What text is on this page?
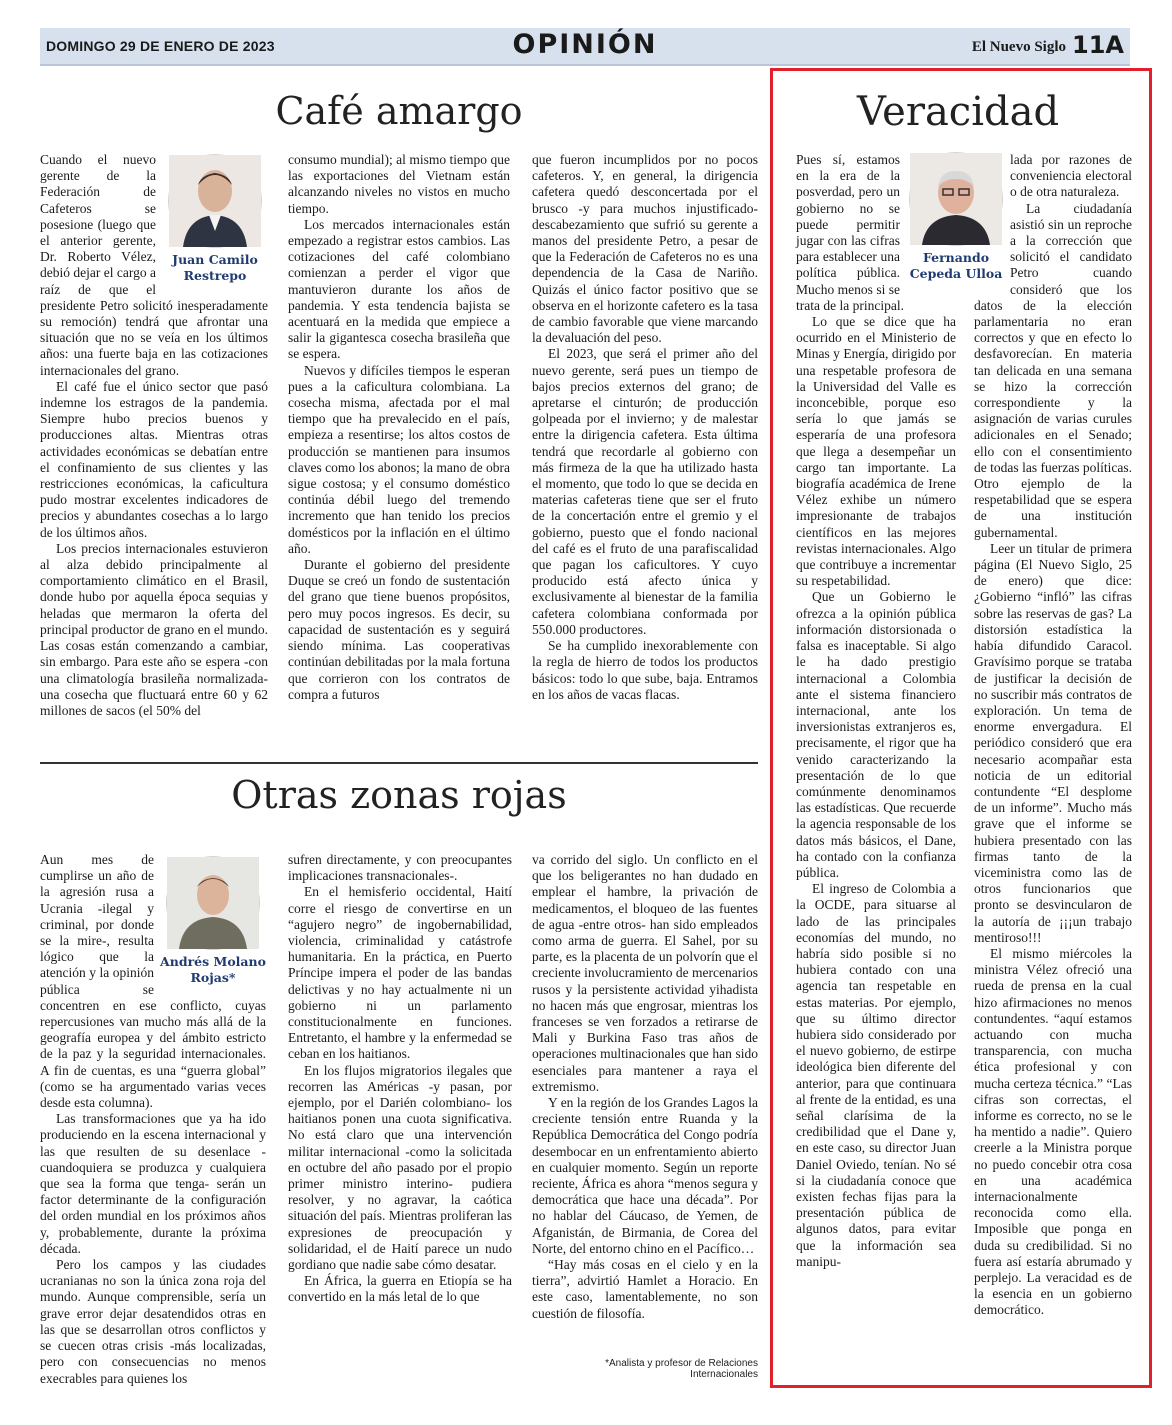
DOMINGO 29 DE ENERO DE 2023	OPINIÓN	El Nuevo Siglo 11A
Café amargo
Juan Camilo Restrepo

Cuando el nuevo gerente de la Federación de Cafeteros se posesione (luego que el anterior gerente, Dr. Roberto Vélez, debió dejar el cargo a raíz de que el presidente Petro solicitó inesperadamente su remoción) tendrá que afrontar una situación que no se veía en los últimos años: una fuerte baja en las cotizaciones internacionales del grano.

El café fue el único sector que pasó indemne los estragos de la pandemia. Siempre hubo precios buenos y producciones altas. Mientras otras actividades económicas se debatían entre el confinamiento de sus clientes y las restricciones económicas, la caficultura pudo mostrar excelentes indicadores de precios y abundantes cosechas a lo largo de los últimos años.

Los precios internacionales estuvieron al alza debido principalmente al comportamiento climático en el Brasil, donde hubo por aquella época sequias y heladas que mermaron la oferta del principal productor de grano en el mundo. Las cosas están comenzando a cambiar, sin embargo. Para este año se espera -con una climatología brasileña normalizada- una cosecha que fluctuará entre 60 y 62 millones de sacos (el 50% del

consumo mundial); al mismo tiempo que las exportaciones del Vietnam están alcanzando niveles no vistos en mucho tiempo.

Los mercados internacionales están empezado a registrar estos cambios. Las cotizaciones del café colombiano comienzan a perder el vigor que mantuvieron durante los años de pandemia. Y esta tendencia bajista se acentuará en la medida que empiece a salir la gigantesca cosecha brasileña que se espera.

Nuevos y difíciles tiempos le esperan pues a la caficultura colombiana. La cosecha misma, afectada por el mal tiempo que ha prevalecido en el país, empieza a resentirse; los altos costos de producción se mantienen para insumos claves como los abonos; la mano de obra sigue costosa; y el consumo doméstico continúa débil luego del tremendo incremento que han tenido los precios domésticos por la inflación en el último año.

Durante el gobierno del presidente Duque se creó un fondo de sustentación del grano que tiene buenos propósitos, pero muy pocos ingresos. Es decir, su capacidad de sustentación es y seguirá siendo mínima. Las cooperativas continúan debilitadas por la mala fortuna que corrieron con los contratos de compra a futuros

que fueron incumplidos por no pocos cafeteros. Y, en general, la dirigencia cafetera quedó desconcertada por el brusco -y para muchos injustificado- descabezamiento que sufrió su gerente a manos del presidente Petro, a pesar de que la Federación de Cafeteros no es una dependencia de la Casa de Nariño. Quizás el único factor positivo que se observa en el horizonte cafetero es la tasa de cambio favorable que viene marcando la devaluación del peso.

El 2023, que será el primer año del nuevo gerente, será pues un tiempo de bajos precios externos del grano; de apretarse el cinturón; de producción golpeada por el invierno; y de malestar entre la dirigencia cafetera. Esta última tendrá que recordarle al gobierno con más firmeza de la que ha utilizado hasta el momento, que todo lo que se decida en materias cafeteras tiene que ser el fruto de la concertación entre el gremio y el gobierno, puesto que el fondo nacional del café es el fruto de una parafiscalidad que pagan los caficultores. Y cuyo producido está afecto única y exclusivamente al bienestar de la familia cafetera colombiana conformada por 550.000 productores.

Se ha cumplido inexorablemente con la regla de hierro de todos los productos básicos: todo lo que sube, baja. Entramos en los años de vacas flacas.

Otras zonas rojas
Andrés Molano Rojas*

Aun mes de cumplirse un año de la agresión rusa a Ucrania -ilegal y criminal, por donde se la mire-, resulta lógico que la atención y la opinión pública se concentren en ese conflicto, cuyas repercusiones van mucho más allá de la geografía europea y del ámbito estricto de la paz y la seguridad internacionales. A fin de cuentas, es una “guerra global” (como se ha argumentado varias veces desde esta columna).

Las transformaciones que ya ha ido produciendo en la escena internacional y las que resulten de su desenlace -cuandoquiera se produzca y cualquiera que sea la forma que tenga- serán un factor determinante de la configuración del orden mundial en los próximos años y, probablemente, durante la próxima década.

Pero los campos y las ciudades ucranianas no son la única zona roja del mundo. Aunque comprensible, sería un grave error dejar desatendidos otras en las que se desarrollan otros conflictos y se cuecen otras crisis -más localizadas, pero con consecuencias no menos execrables para quienes los

sufren directamente, y con preocupantes implicaciones transnacionales-.

En el hemisferio occidental, Haití corre el riesgo de convertirse en un “agujero negro” de ingobernabilidad, violencia, criminalidad y catástrofe humanitaria. En la práctica, en Puerto Príncipe impera el poder de las bandas delictivas y no hay actualmente ni un gobierno ni un parlamento constitucionalmente en funciones. Entretanto, el hambre y la enfermedad se ceban en los haitianos.

En los flujos migratorios ilegales que recorren las Américas -y pasan, por ejemplo, por el Darién colombiano- los haitianos ponen una cuota significativa. No está claro que una intervención militar internacional -como la solicitada en octubre del año pasado por el propio primer ministro interino- pudiera resolver, y no agravar, la caótica situación del país. Mientras proliferan las expresiones de preocupación y solidaridad, el de Haití parece un nudo gordiano que nadie sabe cómo desatar.

En África, la guerra en Etiopía se ha convertido en la más letal de lo que

va corrido del siglo. Un conflicto en el que los beligerantes no han dudado en emplear el hambre, la privación de medicamentos, el bloqueo de las fuentes de agua -entre otros- han sido empleados como arma de guerra. El Sahel, por su parte, es la placenta de un polvorín que el creciente involucramiento de mercenarios rusos y la persistente actividad yihadista no hacen más que engrosar, mientras los franceses se ven forzados a retirarse de Mali y Burkina Faso tras años de operaciones multinacionales que han sido esenciales para mantener a raya el extremismo.

Y en la región de los Grandes Lagos la creciente tensión entre Ruanda y la República Democrática del Congo podría desembocar en un enfrentamiento abierto en cualquier momento. Según un reporte reciente, África es ahora “menos segura y democrática que hace una década”. Por no hablar del Cáucaso, de Yemen, de Afganistán, de Birmania, de Corea del Norte, del entorno chino en el Pacífico…

“Hay más cosas en el cielo y en la tierra”, advirtió Hamlet a Horacio. En este caso, lamentablemente, no son cuestión de filosofía.

*Analista y profesor de Relaciones Internacionales
Veracidad

Pues sí, estamos en la era de la posverdad, pero un gobierno no se puede permitir jugar con las cifras para establecer una política pública. Mucho menos si se trata de la principal.

Lo que se dice que ha ocurrido en el Ministerio de Minas y Energía, dirigido por una respetable profesora de la Universidad del Valle es inconcebible, porque eso sería lo que jamás se esperaría de una profesora que llega a desempeñar un cargo tan importante. La biografía académica de Irene Vélez exhibe un número impresionante de trabajos científicos en las mejores revistas internacionales. Algo que contribuye a incrementar su respetabilidad.

Que un Gobierno le ofrezca a la opinión pública información distorsionada o falsa es inaceptable. Si algo le ha dado prestigio internacional a Colombia ante el sistema financiero internacional, ante los inversionistas extranjeros es, precisamente, el rigor que ha venido caracterizando la presentación de lo que comúnmente denominamos las estadísticas. Que recuerde la agencia responsable de los datos más básicos, el Dane, ha contado con la confianza pública.

El ingreso de Colombia a la OCDE, para situarse al lado de las principales economías del mundo, no habría sido posible si no hubiera contado con una agencia tan respetable en estas materias. Por ejemplo, que su último director hubiera sido considerado por el nuevo gobierno, de estirpe ideológica bien diferente del anterior, para que continuara al frente de la entidad, es una señal clarísima de la credibilidad que el Dane y, en este caso, su director Juan Daniel Oviedo, tenían. No sé si la ciudadanía conoce que existen fechas fijas para la presentación pública de algunos datos, para evitar que la información sea manipu-

Fernando Cepeda Ulloa

lada por razones de conveniencia electoral o de otra naturaleza.

La ciudadanía asistió sin un reproche a la corrección que solicitó el candidato Petro cuando consideró que los datos de la elección parlamentaria no eran correctos y que en efecto lo desfavorecían. En materia tan delicada en una semana se hizo la corrección correspondiente y la asignación de varias curules adicionales en el Senado; ello con el consentimiento de todas las fuerzas políticas. Otro ejemplo de la respetabilidad que se espera de una institución gubernamental.

Leer un titular de primera página (El Nuevo Siglo, 25 de enero) que dice: ¿Gobierno “infló” las cifras sobre las reservas de gas? La distorsión estadística la había difundido Caracol. Gravísimo porque se trataba de justificar la decisión de no suscribir más contratos de exploración. Un tema de enorme envergadura. El periódico consideró que era necesario acompañar esta noticia de un editorial contundente “El desplome de un informe”. Mucho más grave que el informe se hubiera presentado con las firmas tanto de la viceministra como las de otros funcionarios que pronto se desvincularon de la autoría de ¡¡¡un trabajo mentiroso!!!

El mismo miércoles la ministra Vélez ofreció una rueda de prensa en la cual hizo afirmaciones no menos contundentes. “aquí estamos actuando con mucha transparencia, con mucha ética profesional y con mucha certeza técnica.” “Las cifras son correctas, el informe es correcto, no se le ha mentido a nadie”. Quiero creerle a la Ministra porque no puedo concebir otra cosa en una académica internacionalmente reconocida como ella. Imposible que ponga en duda su credibilidad. Si no fuera así estaría abrumado y perplejo. La veracidad es de la esencia en un gobierno democrático.
